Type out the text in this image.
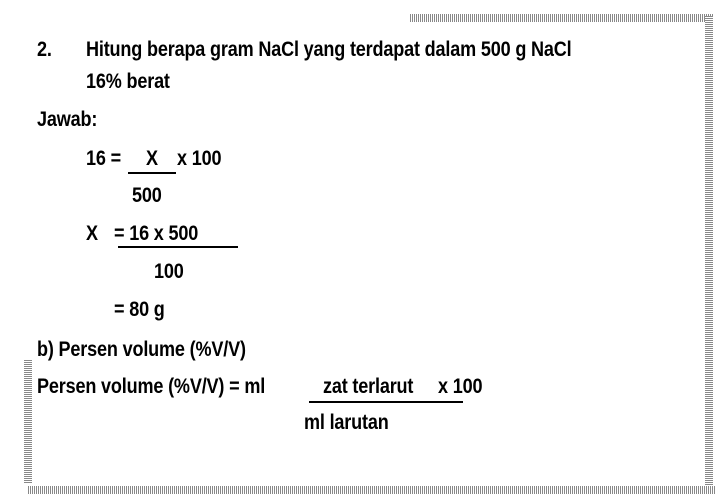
2. Hitung berapa gram NaCl yang terdapat dalam 500 g NaCl
16% berat
Jawab:
16 = X x 100
500
X = 16 x 500
100
= 80 g
b) Persen volume (%V/V)
Persen volume (%V/V) = ml	zat terlarut x 100
ml larutan
